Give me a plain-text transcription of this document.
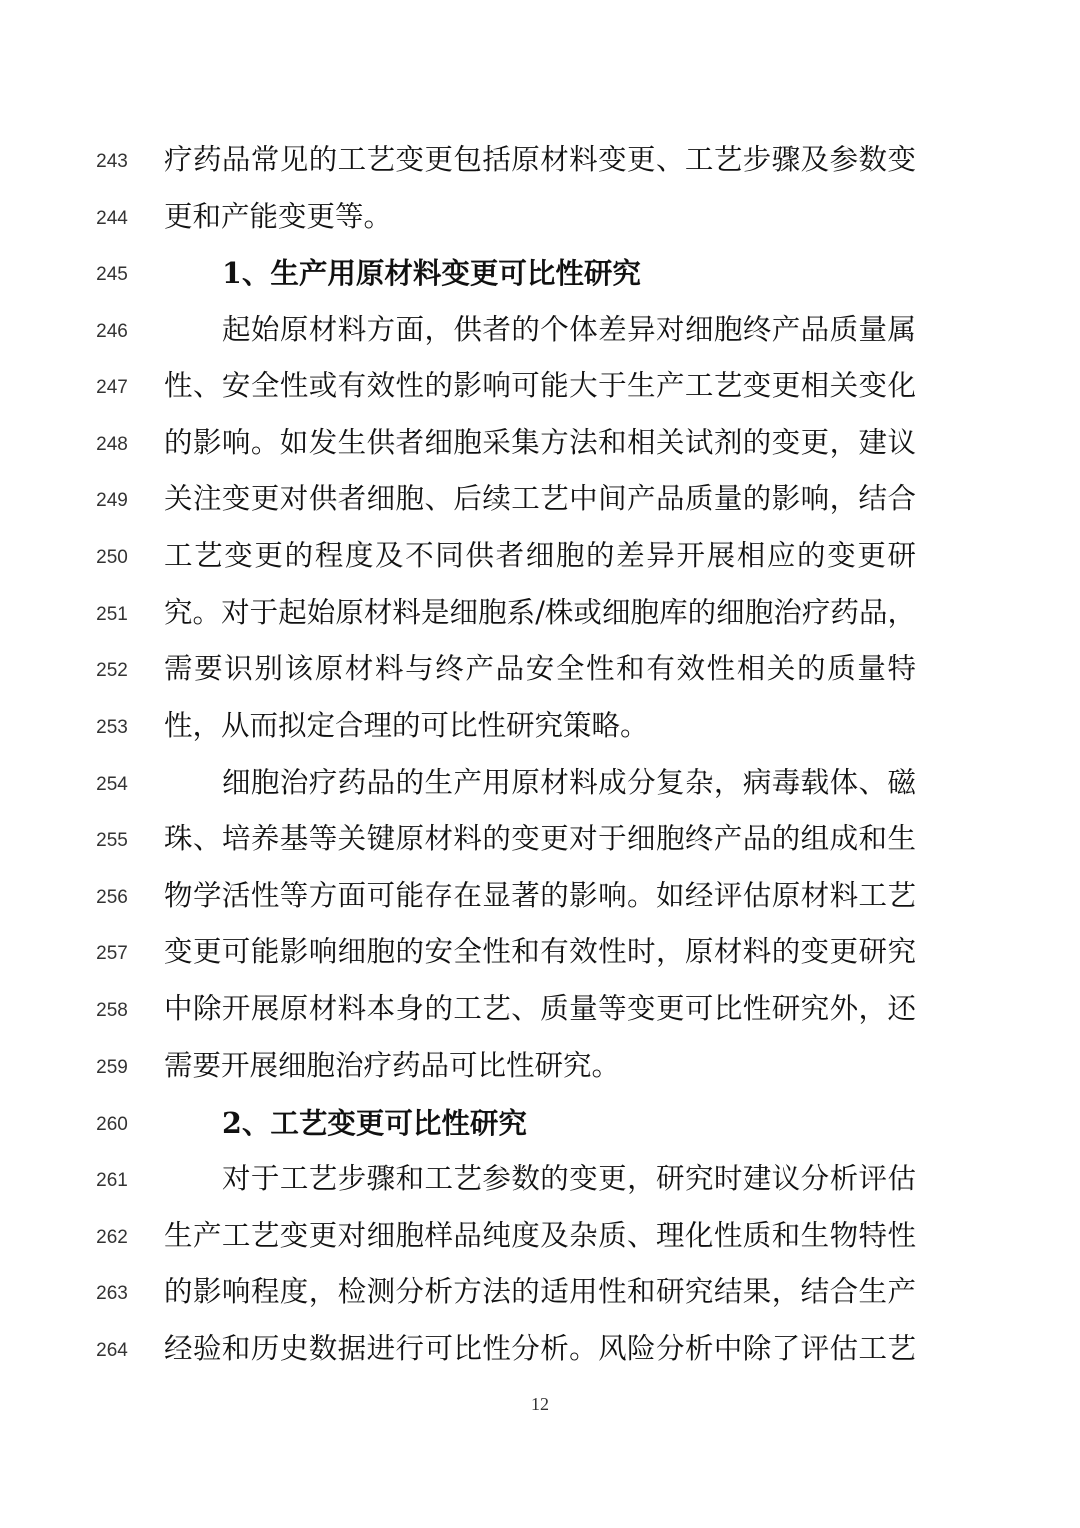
243	疗药品常见的工艺变更包括原材料变更、工艺步骤及参数变
244	更和产能变更等。
245	1、生产用原材料变更可比性研究
246	起始原材料方面，供者的个体差异对细胞终产品质量属
247	性、安全性或有效性的影响可能大于生产工艺变更相关变化
248	的影响。如发生供者细胞采集方法和相关试剂的变更，建议
249	关注变更对供者细胞、后续工艺中间产品质量的影响，结合
250	工艺变更的程度及不同供者细胞的差异开展相应的变更研
251	究。对于起始原材料是细胞系/株或细胞库的细胞治疗药品，
252	需要识别该原材料与终产品安全性和有效性相关的质量特
253	性，从而拟定合理的可比性研究策略。
254	细胞治疗药品的生产用原材料成分复杂，病毒载体、磁
255	珠、培养基等关键原材料的变更对于细胞终产品的组成和生
256	物学活性等方面可能存在显著的影响。如经评估原材料工艺
257	变更可能影响细胞的安全性和有效性时，原材料的变更研究
258	中除开展原材料本身的工艺、质量等变更可比性研究外，还
259	需要开展细胞治疗药品可比性研究。
260	2、工艺变更可比性研究
261	对于工艺步骤和工艺参数的变更，研究时建议分析评估
262	生产工艺变更对细胞样品纯度及杂质、理化性质和生物特性
263	的影响程度，检测分析方法的适用性和研究结果，结合生产
264	经验和历史数据进行可比性分析。风险分析中除了评估工艺
12
